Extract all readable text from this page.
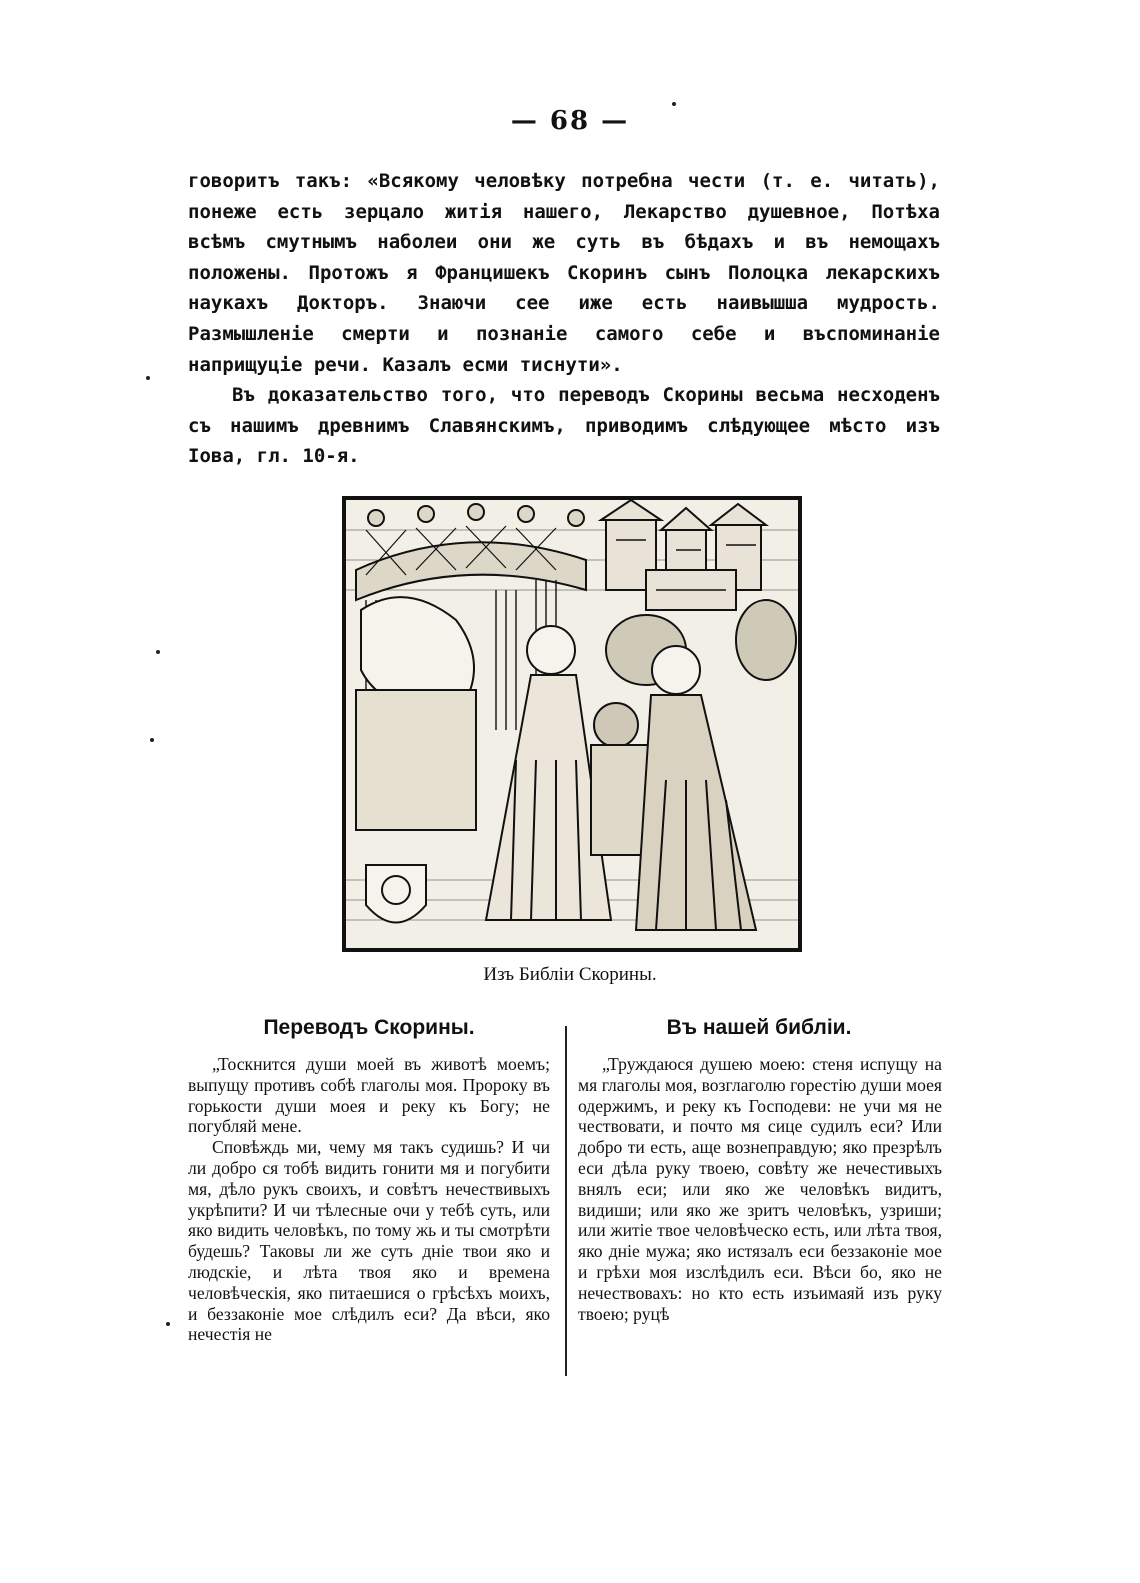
— 68 —

говоритъ такъ: «Всякому человѣку потребна чести (т. е. читать), понеже есть зерцало житія нашего, Лекарство душевное, Потѣха всѣмъ смутнымъ наболеи они же суть въ бѣдахъ и въ немощахъ положены. Протожъ я Францишекъ Скоринъ сынъ Полоцка лекарскихъ наукахъ Докторъ. Знаючи сее иже есть наивышша мудрость. Размышленіе смерти и познаніе самого себе и въспоминаніе наприщуціе речи. Казалъ есми тиснути».

Въ доказательство того, что переводъ Скорины весьма несходенъ съ нашимъ древнимъ Славянскимъ, приводимъ слѣдующее мѣсто изъ Іова, гл. 10-я.

Изъ Библіи Скорины.
Переводъ Скорины.	Въ нашей библіи.

„Тоскнится души моей въ животѣ моемъ; выпущу противъ собѣ глаголы моя. Пророку въ горькости души моея и реку къ Богу; не погубляй мене.

Сповѣждь ми, чему мя такъ судишь? И чи ли добро ся тобѣ видить гонити мя и погубити мя, дѣло рукъ своихъ, и совѣтъ нечествивыхъ укрѣпити? И чи тѣлесные очи у тебѣ суть, или яко видить человѣкъ, по тому жь и ты смотрѣти будешь? Таковы ли же суть дніе твои яко и людскіе, и лѣта твоя яко и времена человѣческія, яко питаешися о грѣсѣхъ моихъ, и беззаконіе мое слѣдилъ еси? Да вѣси, яко нечестія не

„Труждаюся душею моею: стеня испущу на мя глаголы моя, возглаголю горестію души моея одержимъ, и реку къ Господеви: не учи мя не чествовати, и почто мя сице судилъ еси? Или добро ти есть, аще вознеправдую; яко презрѣлъ еси дѣла руку твоею, совѣту же нечестивыхъ внялъ еси; или яко же человѣкъ видитъ, видиши; или яко же зритъ человѣкъ, узриши; или житіе твое человѣческо есть, или лѣта твоя, яко дніе мужа; яко истязалъ еси беззаконіе мое и грѣхи моя изслѣдилъ еси. Вѣси бо, яко не нечествовахъ: но кто есть изъимаяй изъ руку твоею; руцѣ
